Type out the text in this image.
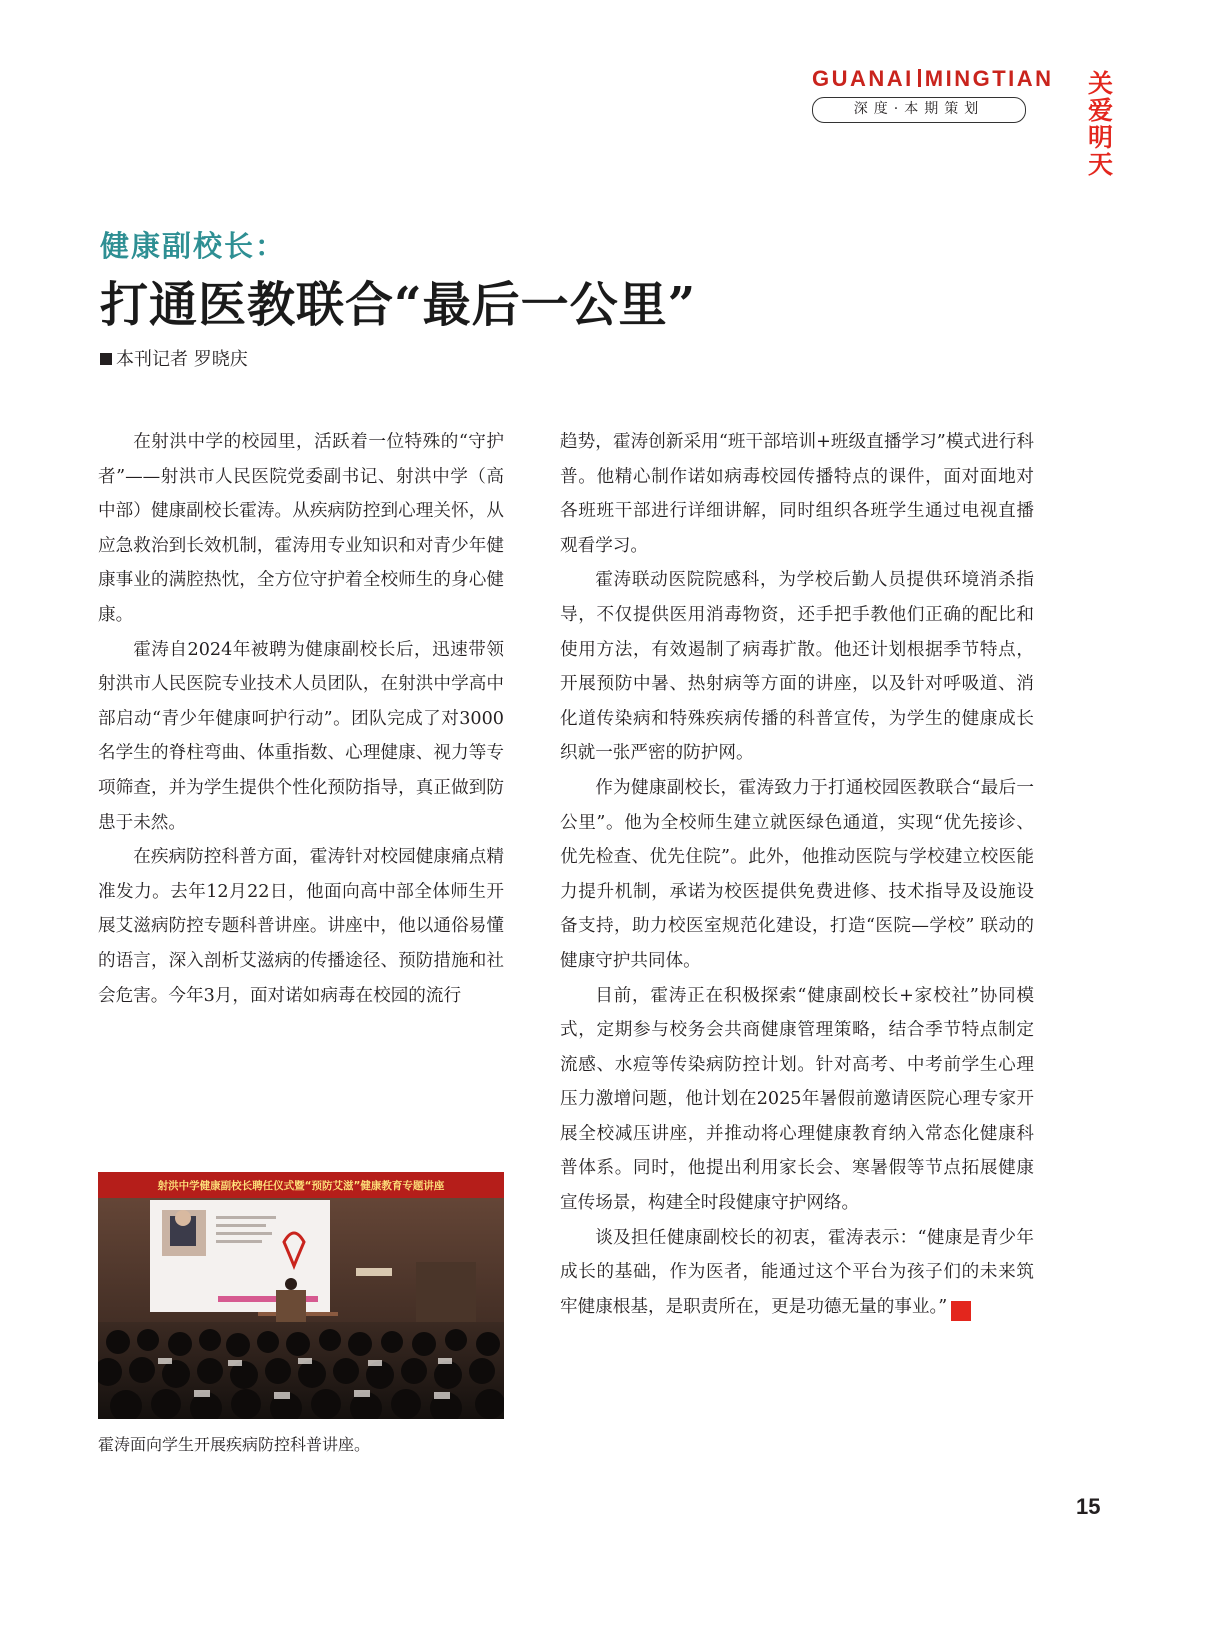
GUANAI MINGTIAN
深度·本期策划
关爱
明天
健康副校长：
打通医教联合“最后一公里”
本刊记者 罗晓庆

在射洪中学的校园里，活跃着一位特殊的“守护者”——射洪市人民医院党委副书记、射洪中学（高中部）健康副校长霍涛。从疾病防控到心理关怀，从应急救治到长效机制，霍涛用专业知识和对青少年健康事业的满腔热忱，全方位守护着全校师生的身心健康。

霍涛自2024年被聘为健康副校长后，迅速带领射洪市人民医院专业技术人员团队，在射洪中学高中部启动“青少年健康呵护行动”。团队完成了对3000名学生的脊柱弯曲、体重指数、心理健康、视力等专项筛查，并为学生提供个性化预防指导，真正做到防患于未然。

在疾病防控科普方面，霍涛针对校园健康痛点精准发力。去年12月22日，他面向高中部全体师生开展艾滋病防控专题科普讲座。讲座中，他以通俗易懂的语言，深入剖析艾滋病的传播途径、预防措施和社会危害。今年3月，面对诺如病毒在校园的流行

射洪中学健康副校长聘任仪式暨“预防艾滋”健康教育专题讲座
霍涛面向学生开展疾病防控科普讲座。

趋势，霍涛创新采用“班干部培训+班级直播学习”模式进行科普。他精心制作诺如病毒校园传播特点的课件，面对面地对各班班干部进行详细讲解，同时组织各班学生通过电视直播观看学习。

霍涛联动医院院感科，为学校后勤人员提供环境消杀指导，不仅提供医用消毒物资，还手把手教他们正确的配比和使用方法，有效遏制了病毒扩散。他还计划根据季节特点，开展预防中暑、热射病等方面的讲座，以及针对呼吸道、消化道传染病和特殊疾病传播的科普宣传，为学生的健康成长织就一张严密的防护网。

作为健康副校长，霍涛致力于打通校园医教联合“最后一公里”。他为全校师生建立就医绿色通道，实现“优先接诊、优先检查、优先住院”。此外，他推动医院与学校建立校医能力提升机制，承诺为校医提供免费进修、技术指导及设施设备支持，助力校医室规范化建设，打造“医院—学校” 联动的健康守护共同体。

目前，霍涛正在积极探索“健康副校长+家校社”协同模式，定期参与校务会共商健康管理策略，结合季节特点制定流感、水痘等传染病防控计划。针对高考、中考前学生心理压力激增问题，他计划在2025年暑假前邀请医院心理专家开展全校减压讲座，并推动将心理健康教育纳入常态化健康科普体系。同时，他提出利用家长会、寒暑假等节点拓展健康宣传场景，构建全时段健康守护网络。

谈及担任健康副校长的初衷，霍涛表示：“健康是青少年成长的基础，作为医者，能通过这个平台为孩子们的未来筑牢健康根基，是职责所在，更是功德无量的事业。”	关

15
